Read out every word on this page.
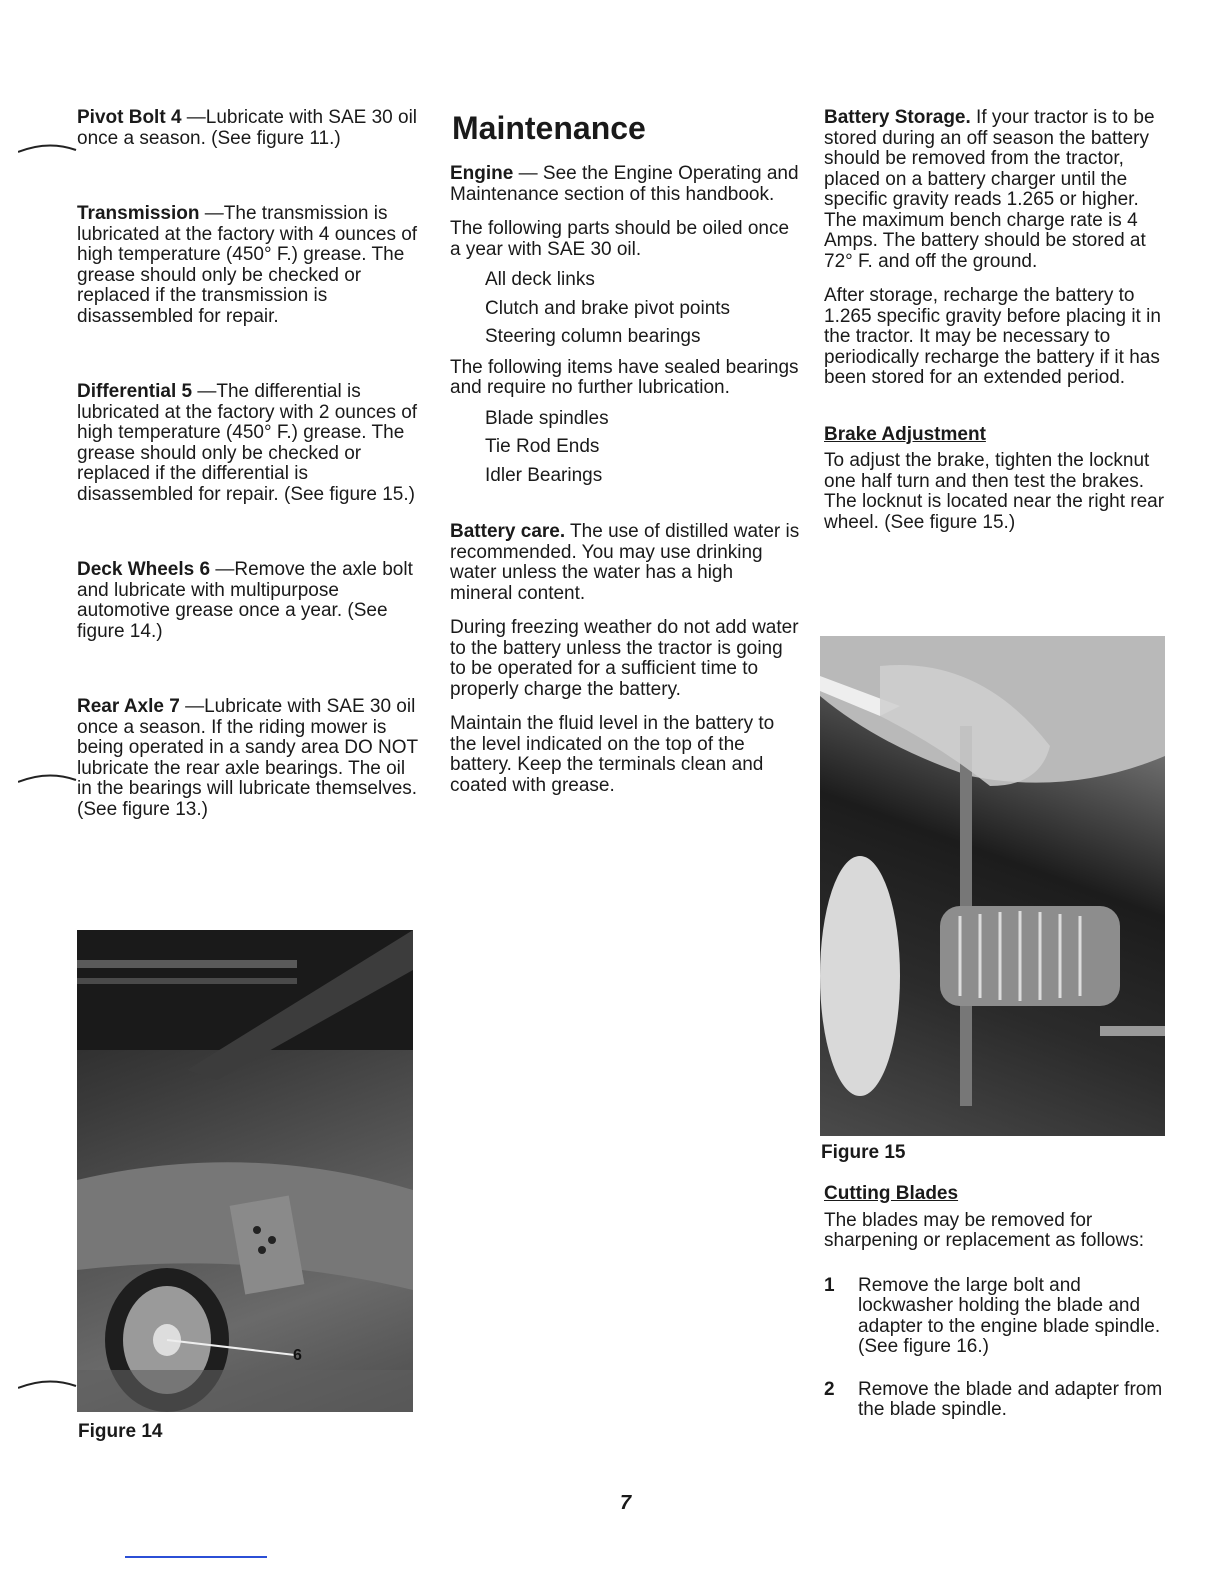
Pivot Bolt 4 —Lubricate with SAE 30 oil once a season. (See figure 11.)

Transmission —The transmission is lubricated at the factory with 4 ounces of high temperature (450° F.) grease. The grease should only be checked or replaced if the transmission is disassembled for repair.

Differential 5 —The differential is lubricated at the factory with 2 ounces of high temperature (450° F.) grease. The grease should only be checked or replaced if the differential is disassembled for repair. (See figure 15.)

Deck Wheels 6 —Remove the axle bolt and lubricate with multipurpose automotive grease once a year. (See figure 14.)

Rear Axle 7 —Lubricate with SAE 30 oil once a season. If the riding mower is being operated in a sandy area DO NOT lubricate the rear axle bearings. The oil in the bearings will lubricate themselves. (See figure 13.)

6
Figure 14
Maintenance

Engine — See the Engine Operating and Maintenance section of this handbook.

The following parts should be oiled once a year with SAE 30 oil.

All deck links

Clutch and brake pivot points

Steering column bearings

The following items have sealed bearings and require no further lubrication.

Blade spindles

Tie Rod Ends

Idler Bearings

Battery care. The use of distilled water is recommended. You may use drinking water unless the water has a high mineral content.

During freezing weather do not add water to the battery unless the tractor is going to be operated for a sufficient time to properly charge the battery.

Maintain the fluid level in the battery to the level indicated on the top of the battery. Keep the terminals clean and coated with grease.

Battery Storage. If your tractor is to be stored during an off season the battery should be removed from the tractor, placed on a battery charger until the specific gravity reads 1.265 or higher. The maximum bench charge rate is 4 Amps. The battery should be stored at 72° F. and off the ground.

After storage, recharge the battery to 1.265 specific gravity before placing it in the tractor. It may be necessary to periodically recharge the battery if it has been stored for an extended period.

Brake Adjustment

To adjust the brake, tighten the locknut one half turn and then test the brakes. The locknut is located near the right rear wheel. (See figure 15.)

Figure 15

Cutting Blades

The blades may be removed for sharpening or replacement as follows:

1	Remove the large bolt and lockwasher holding the blade and adapter to the engine blade spindle. (See figure 16.)
2	Remove the blade and adapter from the blade spindle.
7
